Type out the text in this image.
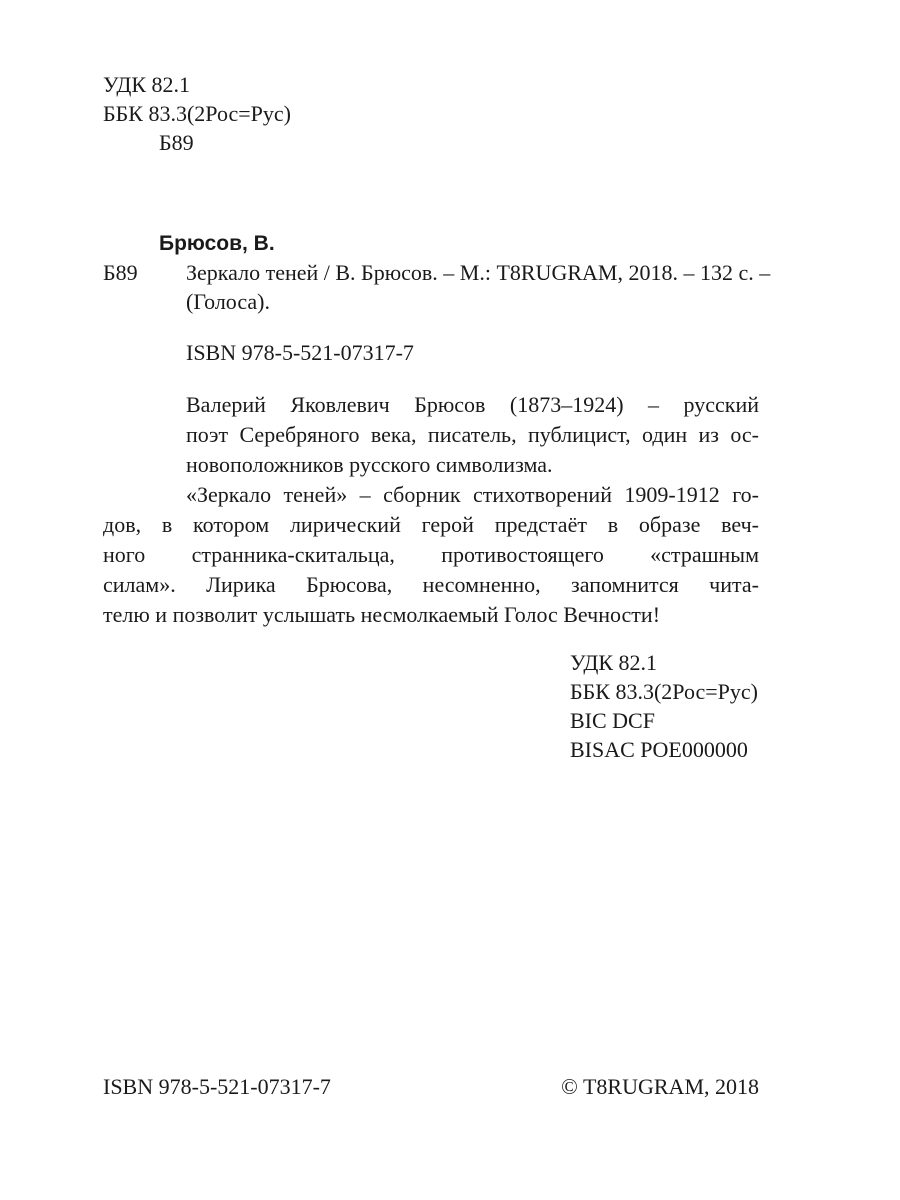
УДК 82.1
ББК 83.3(2Рос=Рус)
Б89
Брюсов, В.
Б89 Зеркало теней / В. Брюсов. – М.: T8RUGRAM, 2018. – 132 с. –
(Голоса).
ISBN 978-5-521-07317-7

Валерий Яковлевич Брюсов (1873–1924) – русский
поэт Серебряного века, писатель, публицист, один из ос-
новоположников русского символизма.

«Зеркало теней» – сборник стихотворений 1909-1912 го-
дов, в котором лирический герой предстаёт в образе веч-
ного странника-скитальца, противостоящего «страшным
силам». Лирика Брюсова, несомненно, запомнится чита-
телю и позволит услышать несмолкаемый Голос Вечности!

УДК 82.1
ББК 83.3(2Рос=Рус)
BIC DCF
BISAC POE000000
ISBN 978-5-521-07317-7	© T8RUGRAM, 2018
